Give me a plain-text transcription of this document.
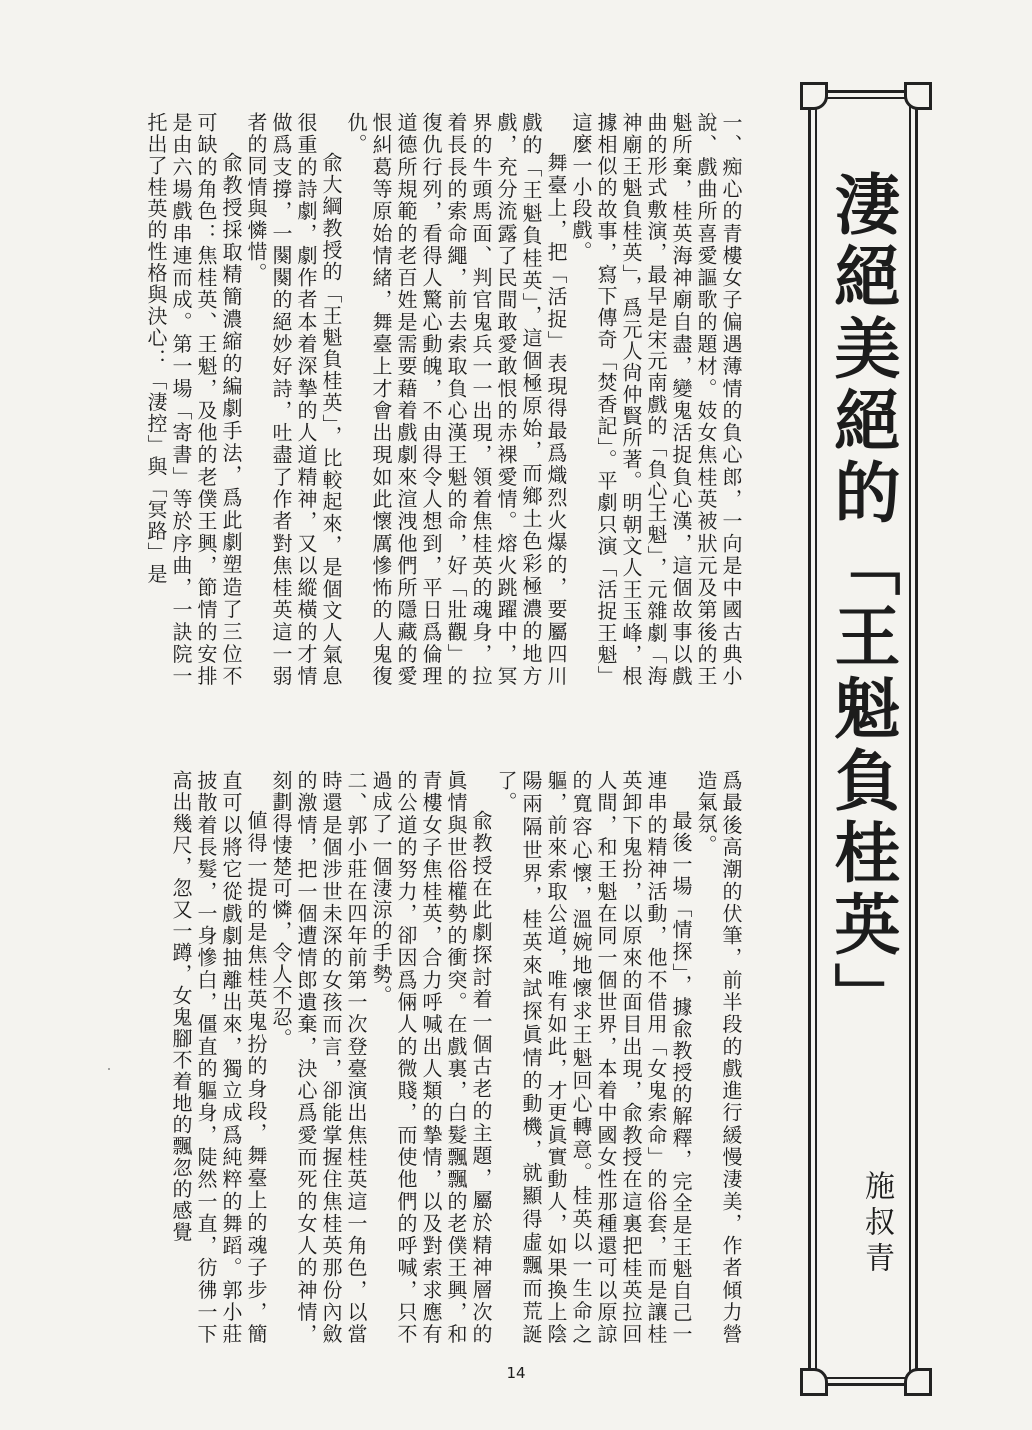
淒絕美絕的「王魁負桂英」
施叔青

一、痴心的青樓女子偏遇薄情的負心郎，一向是中國古典小說、戲曲所喜愛謳歌的題材。妓女焦桂英被狀元及第後的王魁所棄，桂英海神廟自盡，變鬼活捉負心漢，這個故事以戲曲的形式敷演，最早是宋元南戲的「負心王魁」，元雜劇「海神廟王魁負桂英」，爲元人尙仲賢所著。明朝文人王玉峰，根據相似的故事，寫下傳奇「焚香記」。平劇只演「活捉王魁」這麼一小段戲。

舞臺上，把「活捉」表現得最爲熾烈火爆的，要屬四川戲的「王魁負桂英」，這個極原始，而鄉土色彩極濃的地方戲，充分流露了民間敢愛敢恨的赤裸愛情。熔火跳躍中，冥界的牛頭馬面、判官鬼兵一一出現，領着焦桂英的魂身，拉着長長的索命繩，前去索取負心漢王魁的命，好「壯觀」的復仇行列，看得人驚心動魄，不由得令人想到，平日爲倫理道德所規範的老百姓是需要藉着戲劇來渲洩他們所隱藏的愛恨糾葛等原始情緒，舞臺上才會出現如此懷厲慘怖的人鬼復仇。

兪大綱教授的「王魁負桂英」，比較起來，是個文人氣息很重的詩劇，劇作者本着深摯的人道精神，又以縱橫的才情做爲支撐，一闋闋的絕妙好詩，吐盡了作者對焦桂英這一弱者的同情與憐惜。

兪教授採取精簡濃縮的編劇手法，爲此劇塑造了三位不可缺的角色：焦桂英、王魁，及他的老僕王興，節情的安排是由六場戲串連而成。第一場「寄書」等於序曲，一訣院一托出了桂英的性格與決心：「淒控」與「冥路」是

爲最後高潮的伏筆，前半段的戲進行緩慢淒美，作者傾力營造氣氛。

最後一場「情探」，據兪教授的解釋，完全是王魁自己一連串的精神活動，他不借用「女鬼索命」的俗套，而是讓桂英卸下鬼扮，以原來的面目出現，兪教授在這裏把桂英拉回人間，和王魁在同一個世界，本着中國女性那種還可以原諒的寬容心懷，溫婉地懷求王魁回心轉意。桂英以一生命之軀，前來索取公道，唯有如此，才更眞實動人，如果換上陰陽兩隔世界，桂英來試探眞情的動機，就顯得虛飄而荒誕了。

兪教授在此劇探討着一個古老的主題，屬於精神層次的眞情與世俗權勢的衝突。在戲裏，白髮飄飄的老僕王興，和青樓女子焦桂英，合力呼喊出人類的摯情，以及對索求應有的公道的努力，卻因爲倆人的微賤，而使他們的呼喊，只不過成了一個淒涼的手勢。

二、郭小莊在四年前第一次登臺演出焦桂英這一角色，以當時還是個涉世未深的女孩而言，卻能掌握住焦桂英那份內斂的激情，把一個遭情郎遺棄，決心爲愛而死的女人的神情，刻劃得悽楚可憐，令人不忍。

値得一提的是焦桂英鬼扮的身段，舞臺上的魂子步，簡直可以將它從戲劇抽離出來，獨立成爲純粹的舞蹈。郭小莊披散着長髮，一身慘白，僵直的軀身，陡然一直，彷彿一下高出幾尺，忽又一蹲，女鬼腳不着地的飄忽的感覺

14
